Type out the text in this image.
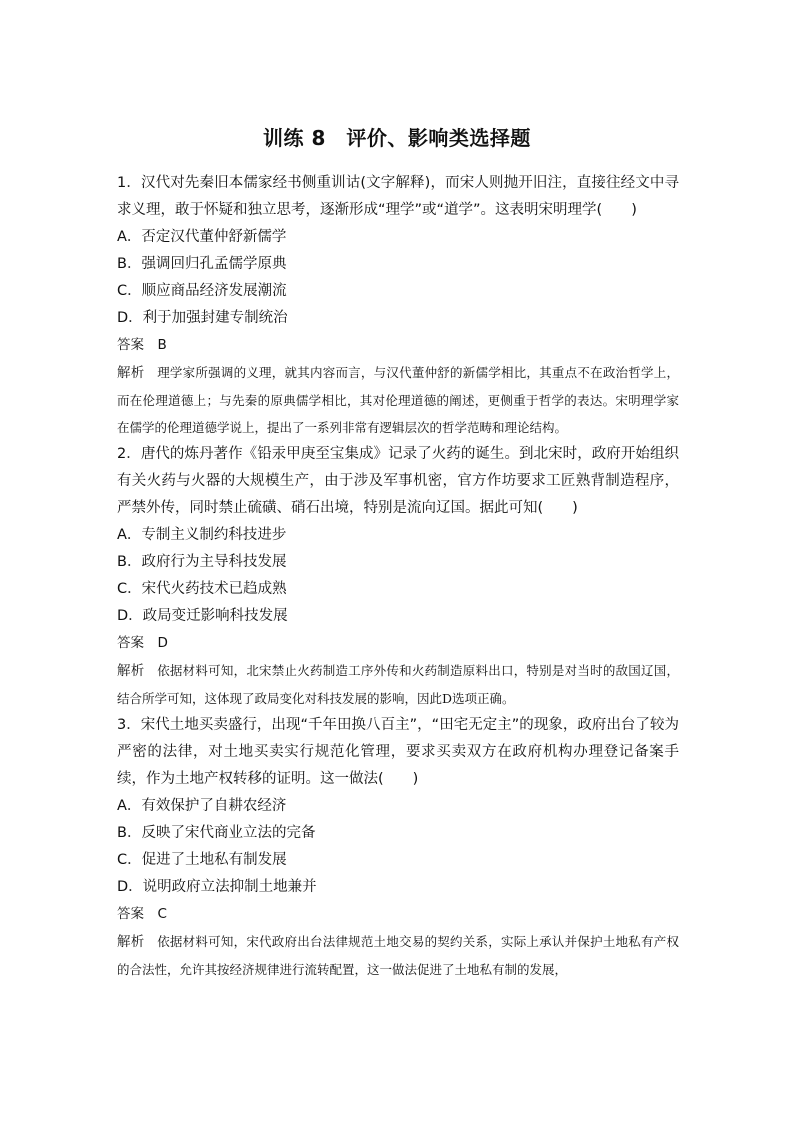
训练 8　评价、影响类选择题

1．汉代对先秦旧本儒家经书侧重训诂(文字解释)，而宋人则抛开旧注，直接往经文中寻求义理，敢于怀疑和独立思考，逐渐形成“理学”或“道学”。这表明宋明理学(　　)

A．否定汉代董仲舒新儒学

B．强调回归孔孟儒学原典

C．顺应商品经济发展潮流

D．利于加强封建专制统治

答案　 B

解析　 理学家所强调的义理，就其内容而言，与汉代董仲舒的新儒学相比，其重点不在政治哲学上，而在伦理道德上；与先秦的原典儒学相比，其对伦理道德的阐述，更侧重于哲学的表达。宋明理学家在儒学的伦理道德学说上，提出了一系列非常有逻辑层次的哲学范畴和理论结构。

2．唐代的炼丹著作《铅汞甲庚至宝集成》记录了火药的诞生。到北宋时，政府开始组织有关火药与火器的大规模生产，由于涉及军事机密，官方作坊要求工匠熟背制造程序，严禁外传，同时禁止硫磺、硝石出境，特别是流向辽国。据此可知(　　)

A．专制主义制约科技进步

B．政府行为主导科技发展

C．宋代火药技术已趋成熟

D．政局变迁影响科技发展

答案　 D

解析　 依据材料可知，北宋禁止火药制造工序外传和火药制造原料出口，特别是对当时的敌国辽国，结合所学可知，这体现了政局变化对科技发展的影响，因此D选项正确。

3．宋代土地买卖盛行，出现“千年田换八百主”，“田宅无定主”的现象，政府出台了较为严密的法律，对土地买卖实行规范化管理，要求买卖双方在政府机构办理登记备案手续，作为土地产权转移的证明。这一做法(　　)

A．有效保护了自耕农经济

B．反映了宋代商业立法的完备

C．促进了土地私有制发展

D．说明政府立法抑制土地兼并

答案　 C

解析　 依据材料可知，宋代政府出台法律规范土地交易的契约关系，实际上承认并保护土地私有产权的合法性，允许其按经济规律进行流转配置，这一做法促进了土地私有制的发展，
